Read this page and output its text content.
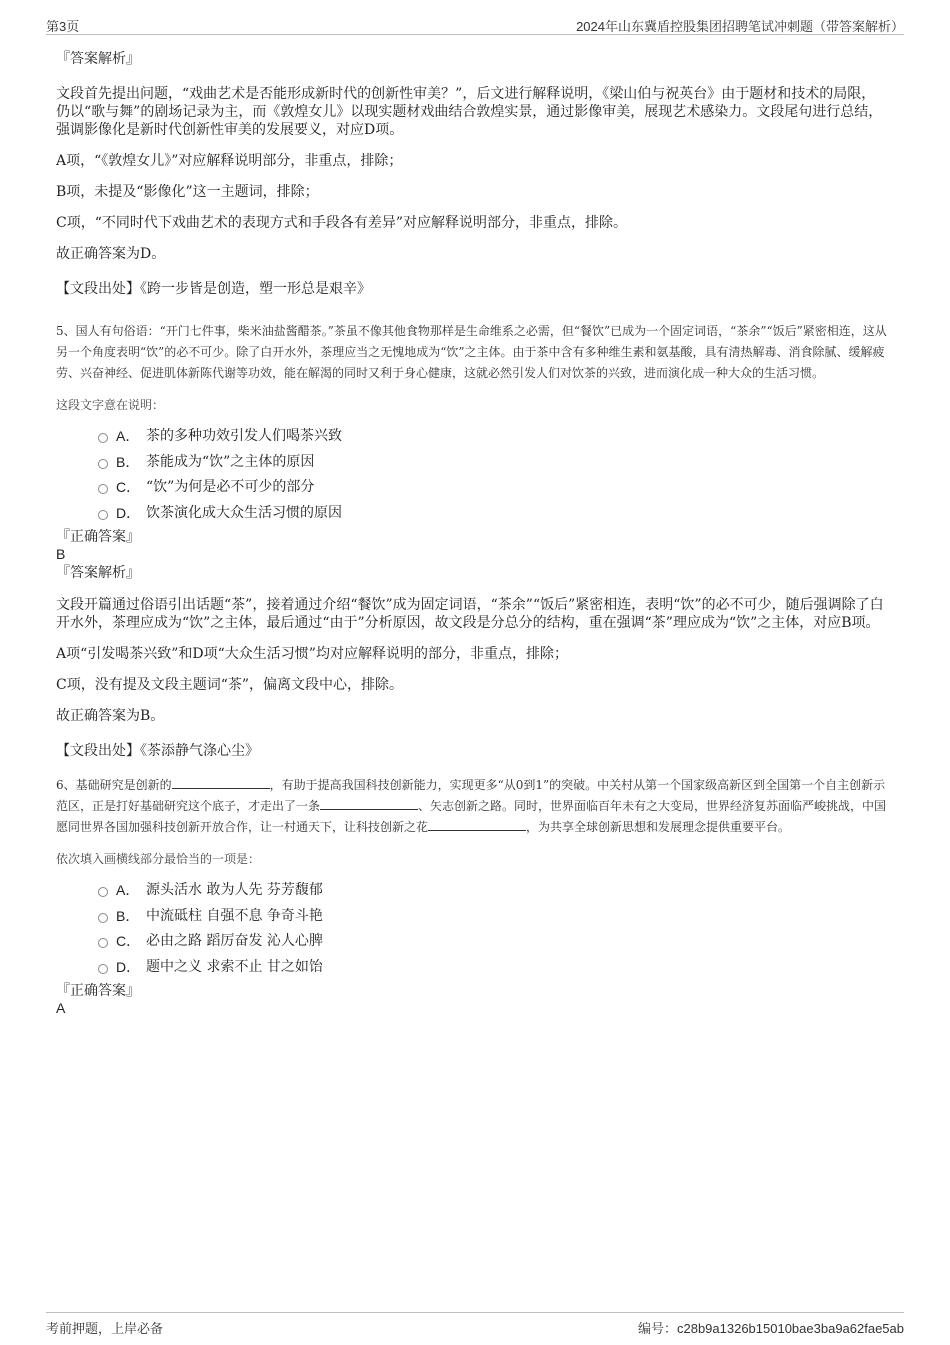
第3页	2024年山东冀盾控股集团招聘笔试冲刺题（带答案解析）

『答案解析』

文段首先提出问题，“戏曲艺术是否能形成新时代的创新性审美？”，后文进行解释说明，《梁山伯与祝英台》由于题材和技术的局限，仍以“歌与舞”的剧场记录为主，而《敦煌女儿》以现实题材戏曲结合敦煌实景，通过影像审美，展现艺术感染力。文段尾句进行总结，强调影像化是新时代创新性审美的发展要义，对应D项。

A项，“《敦煌女儿》”对应解释说明部分，非重点，排除；

B项，未提及“影像化”这一主题词，排除；

C项，“不同时代下戏曲艺术的表现方式和手段各有差异”对应解释说明部分，非重点，排除。

故正确答案为D。

【文段出处】《跨一步皆是创造，塑一形总是艰辛》

5、国人有句俗语：“开门七件事，柴米油盐酱醋茶。”茶虽不像其他食物那样是生命维系之必需，但“餐饮”已成为一个固定词语，“茶余”“饭后”紧密相连，这从另一个角度表明“饮”的必不可少。除了白开水外，茶理应当之无愧地成为“饮”之主体。由于茶中含有多种维生素和氨基酸，具有清热解毒、消食除腻、缓解疲劳、兴奋神经、促进肌体新陈代谢等功效，能在解渴的同时又利于身心健康，这就必然引发人们对饮茶的兴致，进而演化成一种大众的生活习惯。

这段文字意在说明：

A． 茶的多种功效引发人们喝茶兴致
B． 茶能成为“饮”之主体的原因
C． “饮”为何是必不可少的部分
D． 饮茶演化成大众生活习惯的原因

『正确答案』

B

『答案解析』

文段开篇通过俗语引出话题“茶”，接着通过介绍“餐饮”成为固定词语，“茶余”“饭后”紧密相连，表明“饮”的必不可少，随后强调除了白开水外，茶理应成为“饮”之主体，最后通过“由于”分析原因，故文段是分总分的结构，重在强调“茶”理应成为“饮”之主体，对应B项。

A项“引发喝茶兴致”和D项“大众生活习惯”均对应解释说明的部分，非重点，排除；

C项，没有提及文段主题词“茶”，偏离文段中心，排除。

故正确答案为B。

【文段出处】《茶添静气涤心尘》

6、基础研究是创新的	，有助于提高我国科技创新能力，实现更多“从0到1”的突破。中关村从第一个国家级高新区到全国第一个自主创新示范区，正是打好基础研究这个底子，才走出了一条	、矢志创新之路。同时，世界面临百年未有之大变局，世界经济复苏面临严峻挑战，中国愿同世界各国加强科技创新开放合作，让一村通天下，让科技创新之花	，为共享全球创新思想和发展理念提供重要平台。

依次填入画横线部分最恰当的一项是：

A． 源头活水 敢为人先 芬芳馥郁
B． 中流砥柱 自强不息 争奇斗艳
C． 必由之路 蹈厉奋发 沁人心脾
D． 题中之义 求索不止 甘之如饴

『正确答案』

A

考前押题，上岸必备	编号：c28b9a1326b15010bae3ba9a62fae5ab
